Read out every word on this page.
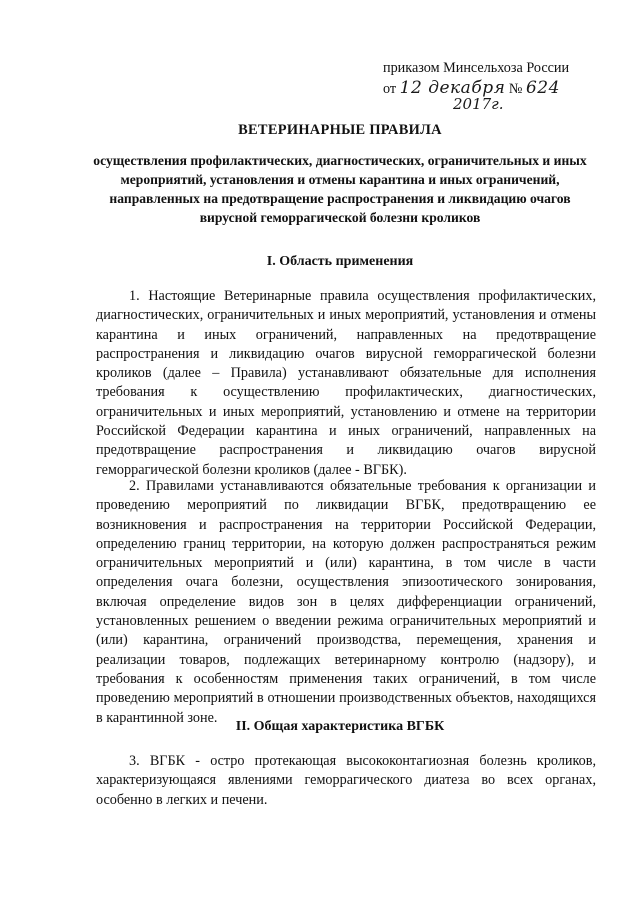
приказом Минсельхоза России
от 12 декабря № 624
2017г.
ВЕТЕРИНАРНЫЕ ПРАВИЛА
осуществления профилактических, диагностических, ограничительных и иных мероприятий, установления и отмены карантина и иных ограничений, направленных на предотвращение распространения и ликвидацию очагов вирусной геморрагической болезни кроликов
I. Область применения
1. Настоящие Ветеринарные правила осуществления профилактических, диагностических, ограничительных и иных мероприятий, установления и отмены карантина и иных ограничений, направленных на предотвращение распространения и ликвидацию очагов вирусной геморрагической болезни кроликов (далее – Правила) устанавливают обязательные для исполнения требования к осуществлению профилактических, диагностических, ограничительных и иных мероприятий, установлению и отмене на территории Российской Федерации карантина и иных ограничений, направленных на предотвращение распространения и ликвидацию очагов вирусной геморрагической болезни кроликов (далее - ВГБК).
2. Правилами устанавливаются обязательные требования к организации и проведению мероприятий по ликвидации ВГБК, предотвращению ее возникновения и распространения на территории Российской Федерации, определению границ территории, на которую должен распространяться режим ограничительных мероприятий и (или) карантина, в том числе в части определения очага болезни, осуществления эпизоотического зонирования, включая определение видов зон в целях дифференциации ограничений, установленных решением о введении режима ограничительных мероприятий и (или) карантина, ограничений производства, перемещения, хранения и реализации товаров, подлежащих ветеринарному контролю (надзору), и требования к особенностям применения таких ограничений, в том числе проведению мероприятий в отношении производственных объектов, находящихся в карантинной зоне.
II. Общая характеристика ВГБК
3. ВГБК - остро протекающая высококонтагиозная болезнь кроликов, характеризующаяся явлениями геморрагического диатеза во всех органах, особенно в легких и печени.
